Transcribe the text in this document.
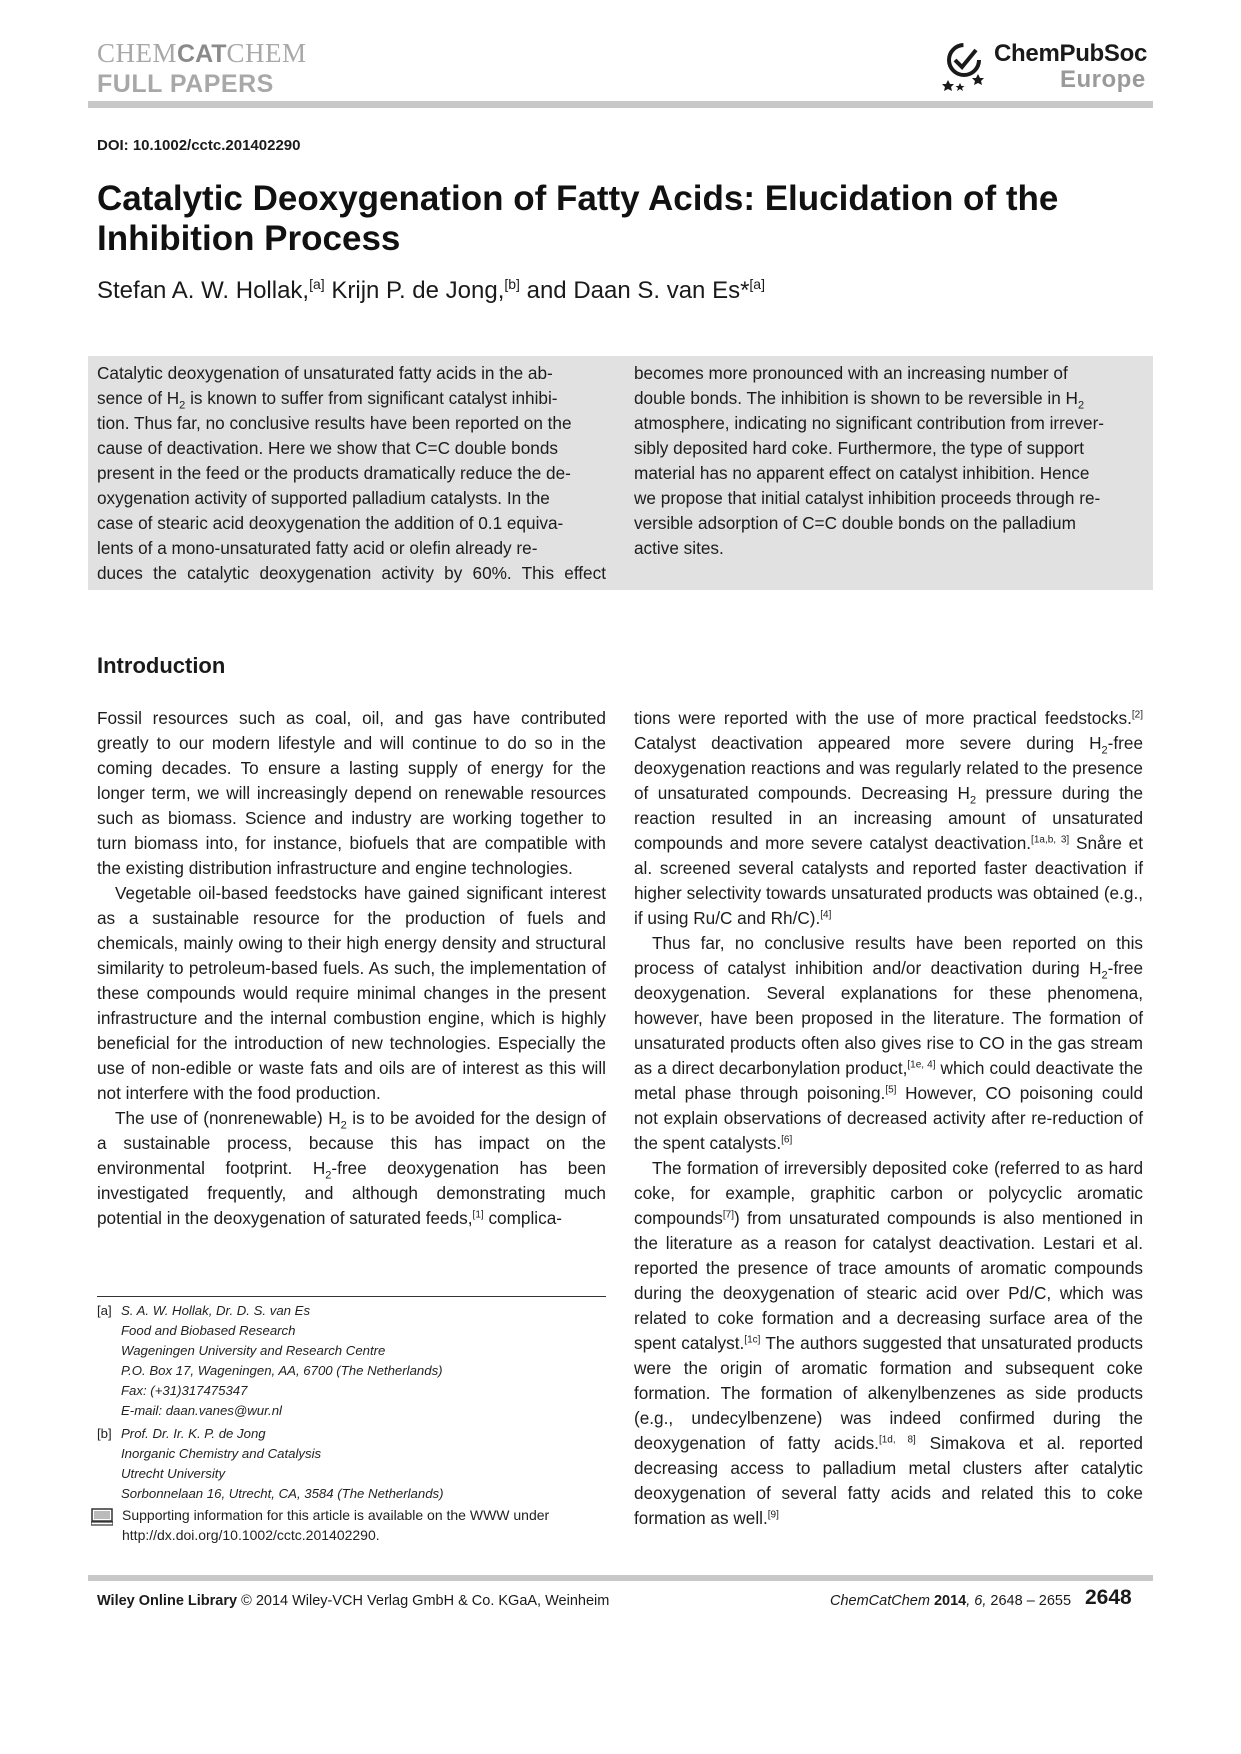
CHEMCATCHEM
FULL PAPERS
ChemPubSoc
Europe
DOI: 10.1002/cctc.201402290
Catalytic Deoxygenation of Fatty Acids: Elucidation of the
Inhibition Process
Stefan A. W. Hollak,[a] Krijn P. de Jong,[b] and Daan S. van Es*[a]

Catalytic deoxygenation of unsaturated fatty acids in the ab-

sence of $H_2$ is known to suffer from significant catalyst inhibi-

tion. Thus far, no conclusive results have been reported on the

cause of deactivation. Here we show that C=C double bonds

present in the feed or the products dramatically reduce the de-

oxygenation activity of supported palladium catalysts. In the

case of stearic acid deoxygenation the addition of 0.1 equiva-

lents of a mono-unsaturated fatty acid or olefin already re-

duces the catalytic deoxygenation activity by 60%. This effect

becomes more pronounced with an increasing number of

double bonds. The inhibition is shown to be reversible in $H_2$

atmosphere, indicating no significant contribution from irrever-

sibly deposited hard coke. Furthermore, the type of support

material has no apparent effect on catalyst inhibition. Hence

we propose that initial catalyst inhibition proceeds through re-

versible adsorption of C=C double bonds on the palladium

active sites.

Introduction

Fossil resources such as coal, oil, and gas have contributed greatly to our modern lifestyle and will continue to do so in the coming decades. To ensure a lasting supply of energy for the longer term, we will increasingly depend on renewable resources such as biomass. Science and industry are working together to turn biomass into, for instance, biofuels that are compatible with the existing distribution infrastructure and engine technologies.

Vegetable oil-based feedstocks have gained significant interest as a sustainable resource for the production of fuels and chemicals, mainly owing to their high energy density and structural similarity to petroleum-based fuels. As such, the implementation of these compounds would require minimal changes in the present infrastructure and the internal combustion engine, which is highly beneficial for the introduction of new technologies. Especially the use of non-edible or waste fats and oils are of interest as this will not interfere with the food production.

The use of (nonrenewable) $H_2$ is to be avoided for the design of a sustainable process, because this has impact on the environmental footprint. $H_2$-free deoxygenation has been investigated frequently, and although demonstrating much potential in the deoxygenation of saturated feeds,[1] complica-

tions were reported with the use of more practical feedstocks.[2] Catalyst deactivation appeared more severe during $H_2$-free deoxygenation reactions and was regularly related to the presence of unsaturated compounds. Decreasing $H_2$ pressure during the reaction resulted in an increasing amount of unsaturated compounds and more severe catalyst deactivation.[1a,b, 3] Snåre et al. screened several catalysts and reported faster deactivation if higher selectivity towards unsaturated products was obtained (e.g., if using Ru/C and Rh/C).[4]

Thus far, no conclusive results have been reported on this process of catalyst inhibition and/or deactivation during $H_2$-free deoxygenation. Several explanations for these phenomena, however, have been proposed in the literature. The formation of unsaturated products often also gives rise to CO in the gas stream as a direct decarbonylation product,[1e, 4] which could deactivate the metal phase through poisoning.[5] However, CO poisoning could not explain observations of decreased activity after re-reduction of the spent catalysts.[6]

The formation of irreversibly deposited coke (referred to as hard coke, for example, graphitic carbon or polycyclic aromatic compounds[7]) from unsaturated compounds is also mentioned in the literature as a reason for catalyst deactivation. Lestari et al. reported the presence of trace amounts of aromatic compounds during the deoxygenation of stearic acid over Pd/C, which was related to coke formation and a decreasing surface area of the spent catalyst.[1c] The authors suggested that unsaturated products were the origin of aromatic formation and subsequent coke formation. The formation of alkenylbenzenes as side products (e.g., undecylbenzene) was indeed confirmed during the deoxygenation of fatty acids.[1d, 8] Simakova et al. reported decreasing access to palladium metal clusters after catalytic deoxygenation of several fatty acids and related this to coke formation as well.[9]

[a] S. A. W. Hollak, Dr. D. S. van Es
Food and Biobased Research
Wageningen University and Research Centre
P.O. Box 17, Wageningen, AA, 6700 (The Netherlands)
Fax: (+31)317475347
E-mail: daan.vanes@wur.nl
[b] Prof. Dr. Ir. K. P. de Jong
Inorganic Chemistry and Catalysis
Utrecht University
Sorbonnelaan 16, Utrecht, CA, 3584 (The Netherlands)
Supporting information for this article is available on the WWW under
http://dx.doi.org/10.1002/cctc.201402290.
Wiley Online Library © 2014 Wiley-VCH Verlag GmbH & Co. KGaA, Weinheim	ChemCatChem 2014, 6, 2648 – 2655 2648
